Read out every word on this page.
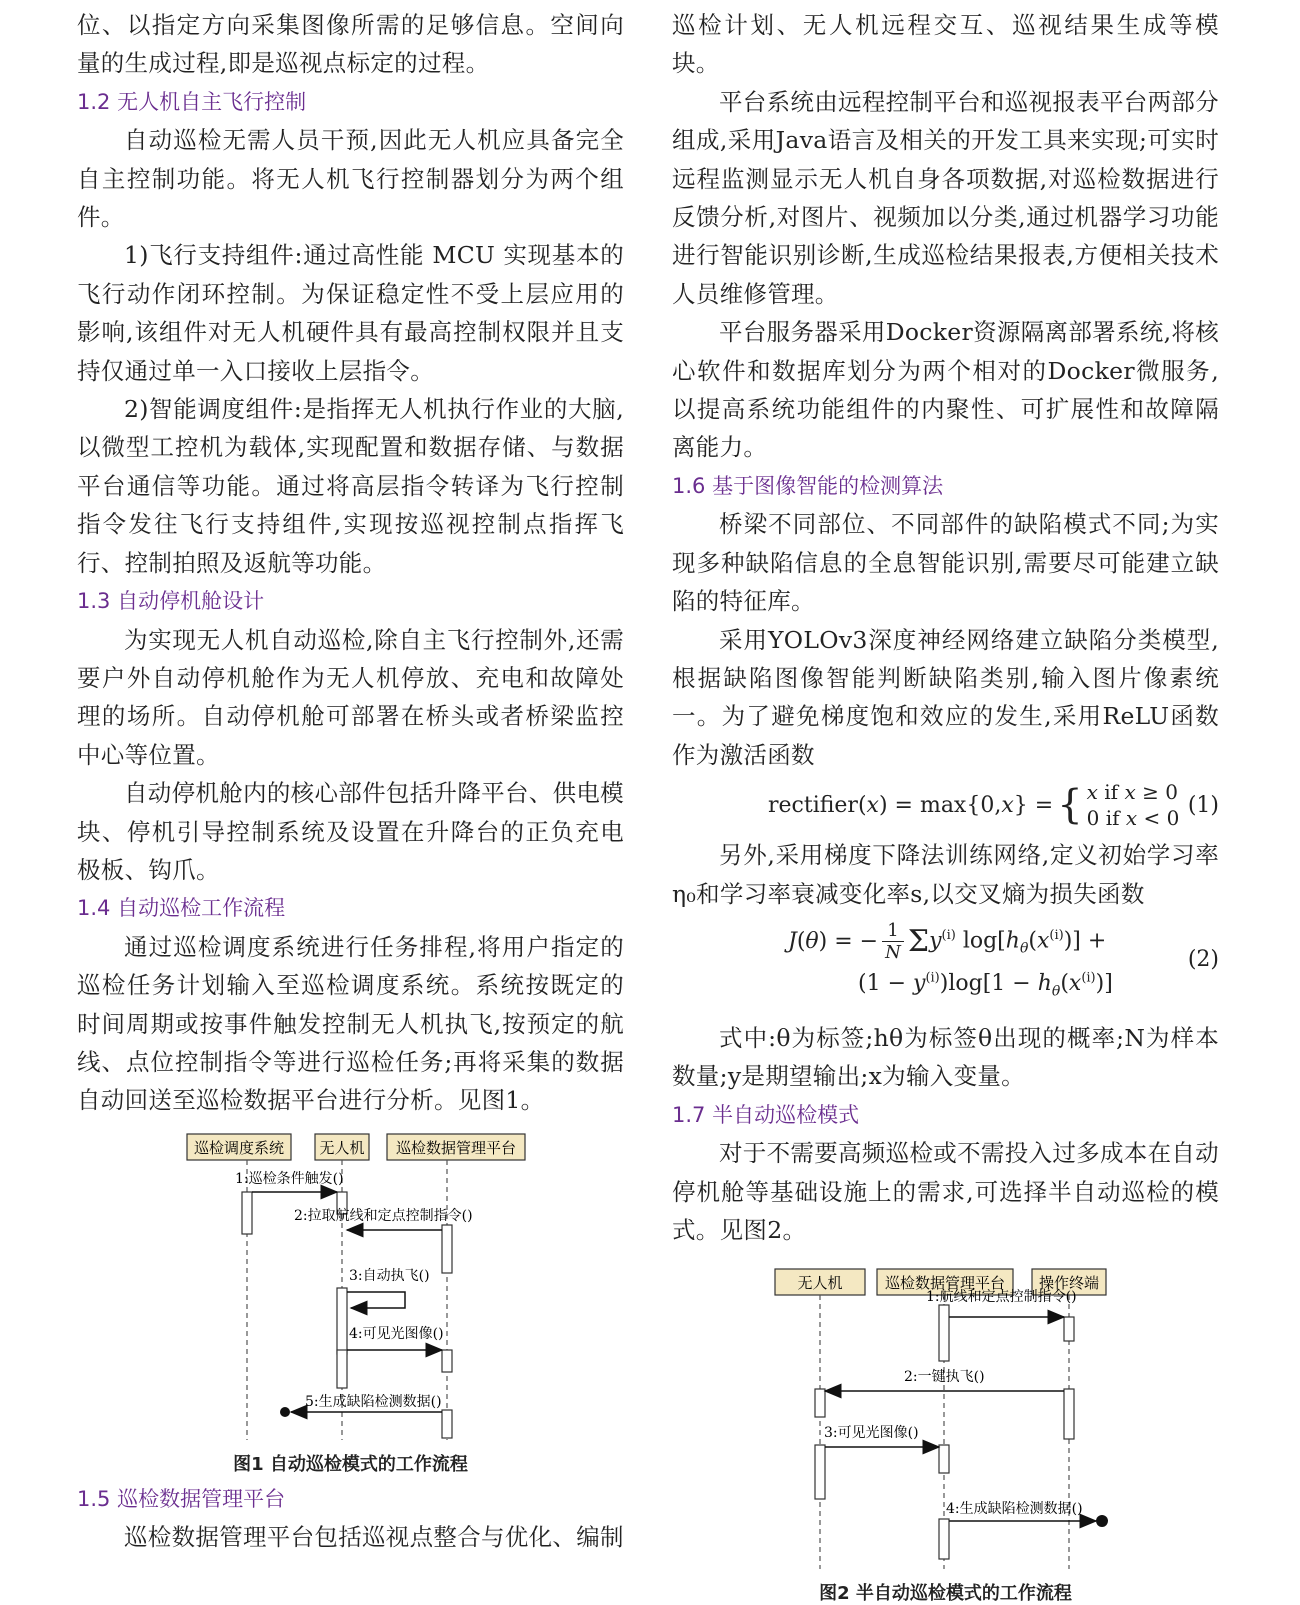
位、以指定方向采集图像所需的足够信息。空间向量的生成过程,即是巡视点标定的过程。

1.2 无人机自主飞行控制

自动巡检无需人员干预,因此无人机应具备完全自主控制功能。将无人机飞行控制器划分为两个组件。

1)飞行支持组件:通过高性能 MCU 实现基本的飞行动作闭环控制。为保证稳定性不受上层应用的影响,该组件对无人机硬件具有最高控制权限并且支持仅通过单一入口接收上层指令。

2)智能调度组件:是指挥无人机执行作业的大脑,以微型工控机为载体,实现配置和数据存储、与数据平台通信等功能。通过将高层指令转译为飞行控制指令发往飞行支持组件,实现按巡视控制点指挥飞行、控制拍照及返航等功能。

1.3 自动停机舱设计

为实现无人机自动巡检,除自主飞行控制外,还需要户外自动停机舱作为无人机停放、充电和故障处理的场所。自动停机舱可部署在桥头或者桥梁监控中心等位置。

自动停机舱内的核心部件包括升降平台、供电模块、停机引导控制系统及设置在升降台的正负充电极板、钩爪。

1.4 自动巡检工作流程

通过巡检调度系统进行任务排程,将用户指定的巡检任务计划输入至巡检调度系统。系统按既定的时间周期或按事件触发控制无人机执飞,按预定的航线、点位控制指令等进行巡检任务;再将采集的数据自动回送至巡检数据平台进行分析。见图1。

巡检调度系统 无人机 巡检数据管理平台
1:巡检条件触发()
2:拉取航线和定点控制指令()
3:自动执飞()
4:可见光图像()
5:生成缺陷检测数据()

图1 自动巡检模式的工作流程

1.5 巡检数据管理平台

巡检数据管理平台包括巡视点整合与优化、编制

巡检计划、无人机远程交互、巡视结果生成等模块。

平台系统由远程控制平台和巡视报表平台两部分组成,采用Java语言及相关的开发工具来实现;可实时远程监测显示无人机自身各项数据,对巡检数据进行反馈分析,对图片、视频加以分类,通过机器学习功能进行智能识别诊断,生成巡检结果报表,方便相关技术人员维修管理。

平台服务器采用Docker资源隔离部署系统,将核心软件和数据库划分为两个相对的Docker微服务,以提高系统功能组件的内聚性、可扩展性和故障隔离能力。

1.6 基于图像智能的检测算法

桥梁不同部位、不同部件的缺陷模式不同;为实现多种缺陷信息的全息智能识别,需要尽可能建立缺陷的特征库。

采用YOLOv3深度神经网络建立缺陷分类模型,根据缺陷图像智能判断缺陷类别,输入图片像素统一。为了避免梯度饱和效应的发生,采用ReLU函数作为激活函数

rectifier(x) = max{0,x} = { x if x ≥ 0
0 if x < 0
(1)

另外,采用梯度下降法训练网络,定义初始学习率η₀和学习率衰减变化率s,以交叉熵为损失函数

J(θ) = − $\frac{1}{N}$ Σ $y^{(i)}$ $\log[h_\theta(x^{(i)})]$ +
$(1 - y^{(i)})\log[1 - h_\theta(x^{(i)})]$
(2)

式中:θ为标签;hθ为标签θ出现的概率;N为样本数量;y是期望输出;x为输入变量。

1.7 半自动巡检模式

对于不需要高频巡检或不需投入过多成本在自动停机舱等基础设施上的需求,可选择半自动巡检的模式。见图2。

无人机	巡检数据管理平台 操作终端
1:航线和定点控制指令()
2:一键执飞()
3:可见光图像()
4:生成缺陷检测数据()

图2 半自动巡检模式的工作流程
